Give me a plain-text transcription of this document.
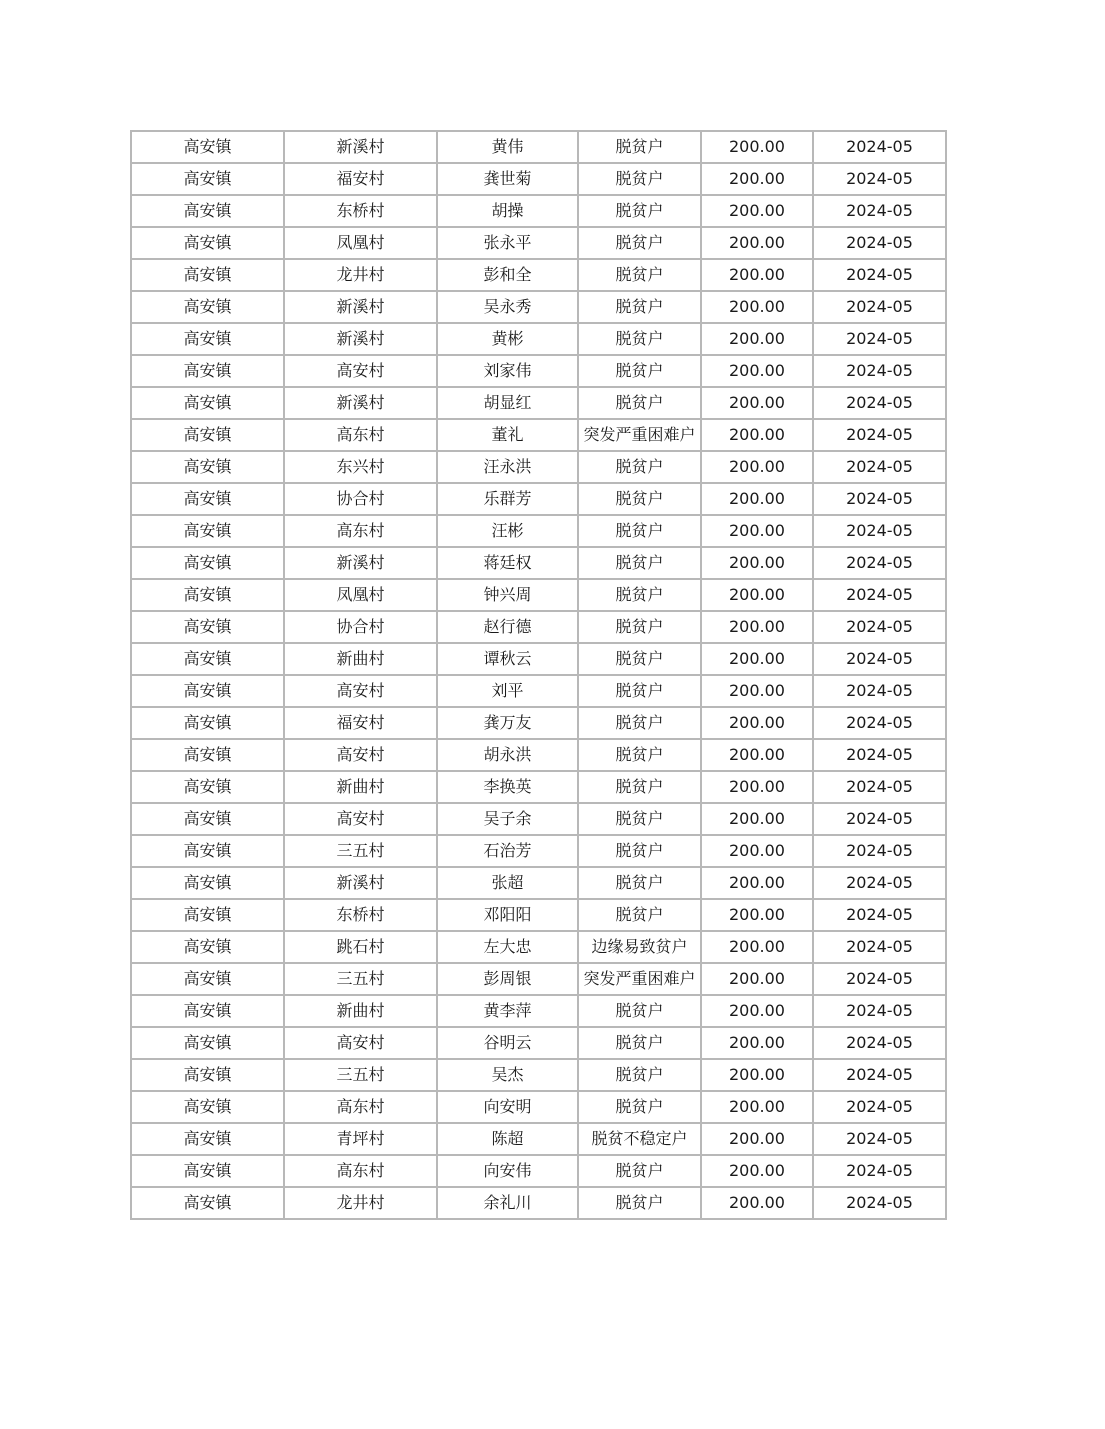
高安镇	新溪村	黄伟	脱贫户	200.00	2024-05
高安镇	福安村	龚世菊	脱贫户	200.00	2024-05
高安镇	东桥村	胡操	脱贫户	200.00	2024-05
高安镇	凤凰村	张永平	脱贫户	200.00	2024-05
高安镇	龙井村	彭和全	脱贫户	200.00	2024-05
高安镇	新溪村	吴永秀	脱贫户	200.00	2024-05
高安镇	新溪村	黄彬	脱贫户	200.00	2024-05
高安镇	高安村	刘家伟	脱贫户	200.00	2024-05
高安镇	新溪村	胡显红	脱贫户	200.00	2024-05
高安镇	高东村	董礼	突发严重困难户	200.00	2024-05
高安镇	东兴村	汪永洪	脱贫户	200.00	2024-05
高安镇	协合村	乐群芳	脱贫户	200.00	2024-05
高安镇	高东村	汪彬	脱贫户	200.00	2024-05
高安镇	新溪村	蒋廷权	脱贫户	200.00	2024-05
高安镇	凤凰村	钟兴周	脱贫户	200.00	2024-05
高安镇	协合村	赵行德	脱贫户	200.00	2024-05
高安镇	新曲村	谭秋云	脱贫户	200.00	2024-05
高安镇	高安村	刘平	脱贫户	200.00	2024-05
高安镇	福安村	龚万友	脱贫户	200.00	2024-05
高安镇	高安村	胡永洪	脱贫户	200.00	2024-05
高安镇	新曲村	李换英	脱贫户	200.00	2024-05
高安镇	高安村	吴子余	脱贫户	200.00	2024-05
高安镇	三五村	石治芳	脱贫户	200.00	2024-05
高安镇	新溪村	张超	脱贫户	200.00	2024-05
高安镇	东桥村	邓阳阳	脱贫户	200.00	2024-05
高安镇	跳石村	左大忠	边缘易致贫户	200.00	2024-05
高安镇	三五村	彭周银	突发严重困难户	200.00	2024-05
高安镇	新曲村	黄李萍	脱贫户	200.00	2024-05
高安镇	高安村	谷明云	脱贫户	200.00	2024-05
高安镇	三五村	吴杰	脱贫户	200.00	2024-05
高安镇	高东村	向安明	脱贫户	200.00	2024-05
高安镇	青坪村	陈超	脱贫不稳定户	200.00	2024-05
高安镇	高东村	向安伟	脱贫户	200.00	2024-05
高安镇	龙井村	余礼川	脱贫户	200.00	2024-05
